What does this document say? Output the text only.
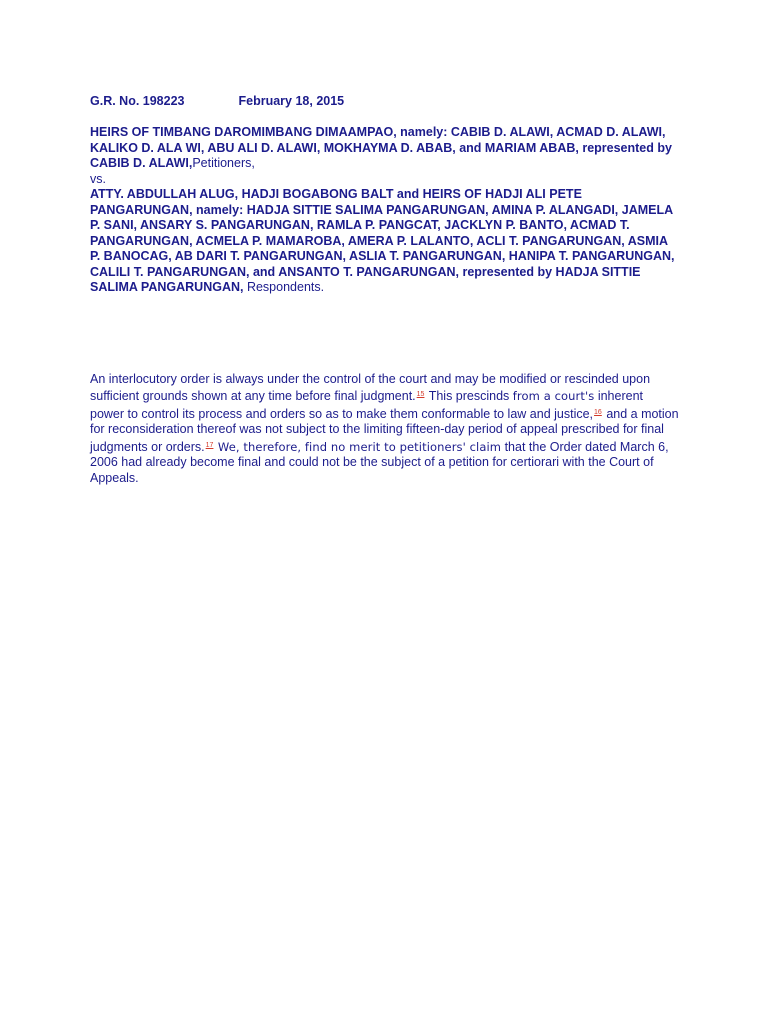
G.R. No. 198223	February 18, 2015
HEIRS OF TIMBANG DAROMIMBANG DIMAAMPAO, namely: CABIB D. ALAWI, ACMAD D. ALAWI, KALIKO D. ALA WI, ABU ALI D. ALAWI, MOKHAYMA D. ABAB, and MARIAM ABAB, represented by CABIB D. ALAWI,Petitioners,
vs.
ATTY. ABDULLAH ALUG, HADJI BOGABONG BALT and HEIRS OF HADJI ALI PETE PANGARUNGAN, namely: HADJA SITTIE SALIMA PANGARUNGAN, AMINA P. ALANGADI, JAMELA P. SANI, ANSARY S. PANGARUNGAN, RAMLA P. PANGCAT, JACKLYN P. BANTO, ACMAD T. PANGARUNGAN, ACMELA P. MAMAROBA, AMERA P. LALANTO, ACLI T. PANGARUNGAN, ASMIA P. BANOCAG, AB DARI T. PANGARUNGAN, ASLIA T. PANGARUNGAN, HANIPA T. PANGARUNGAN, CALILI T. PANGARUNGAN, and ANSANTO T. PANGARUNGAN, represented by HADJA SITTIE SALIMA PANGARUNGAN, Respondents.
An interlocutory order is always under the control of the court and may be modified or rescinded upon sufficient grounds shown at any time before final judgment.$^{15}$ This prescinds from a court's inherent power to control its process and orders so as to make them conformable to law and justice,$^{16}$ and a motion for reconsideration thereof was not subject to the limiting fifteen-day period of appeal prescribed for final judgments or orders.$^{17}$ We, therefore, find no merit to petitioners' claim that the Order dated March 6, 2006 had already become final and could not be the subject of a petition for certiorari with the Court of Appeals.
